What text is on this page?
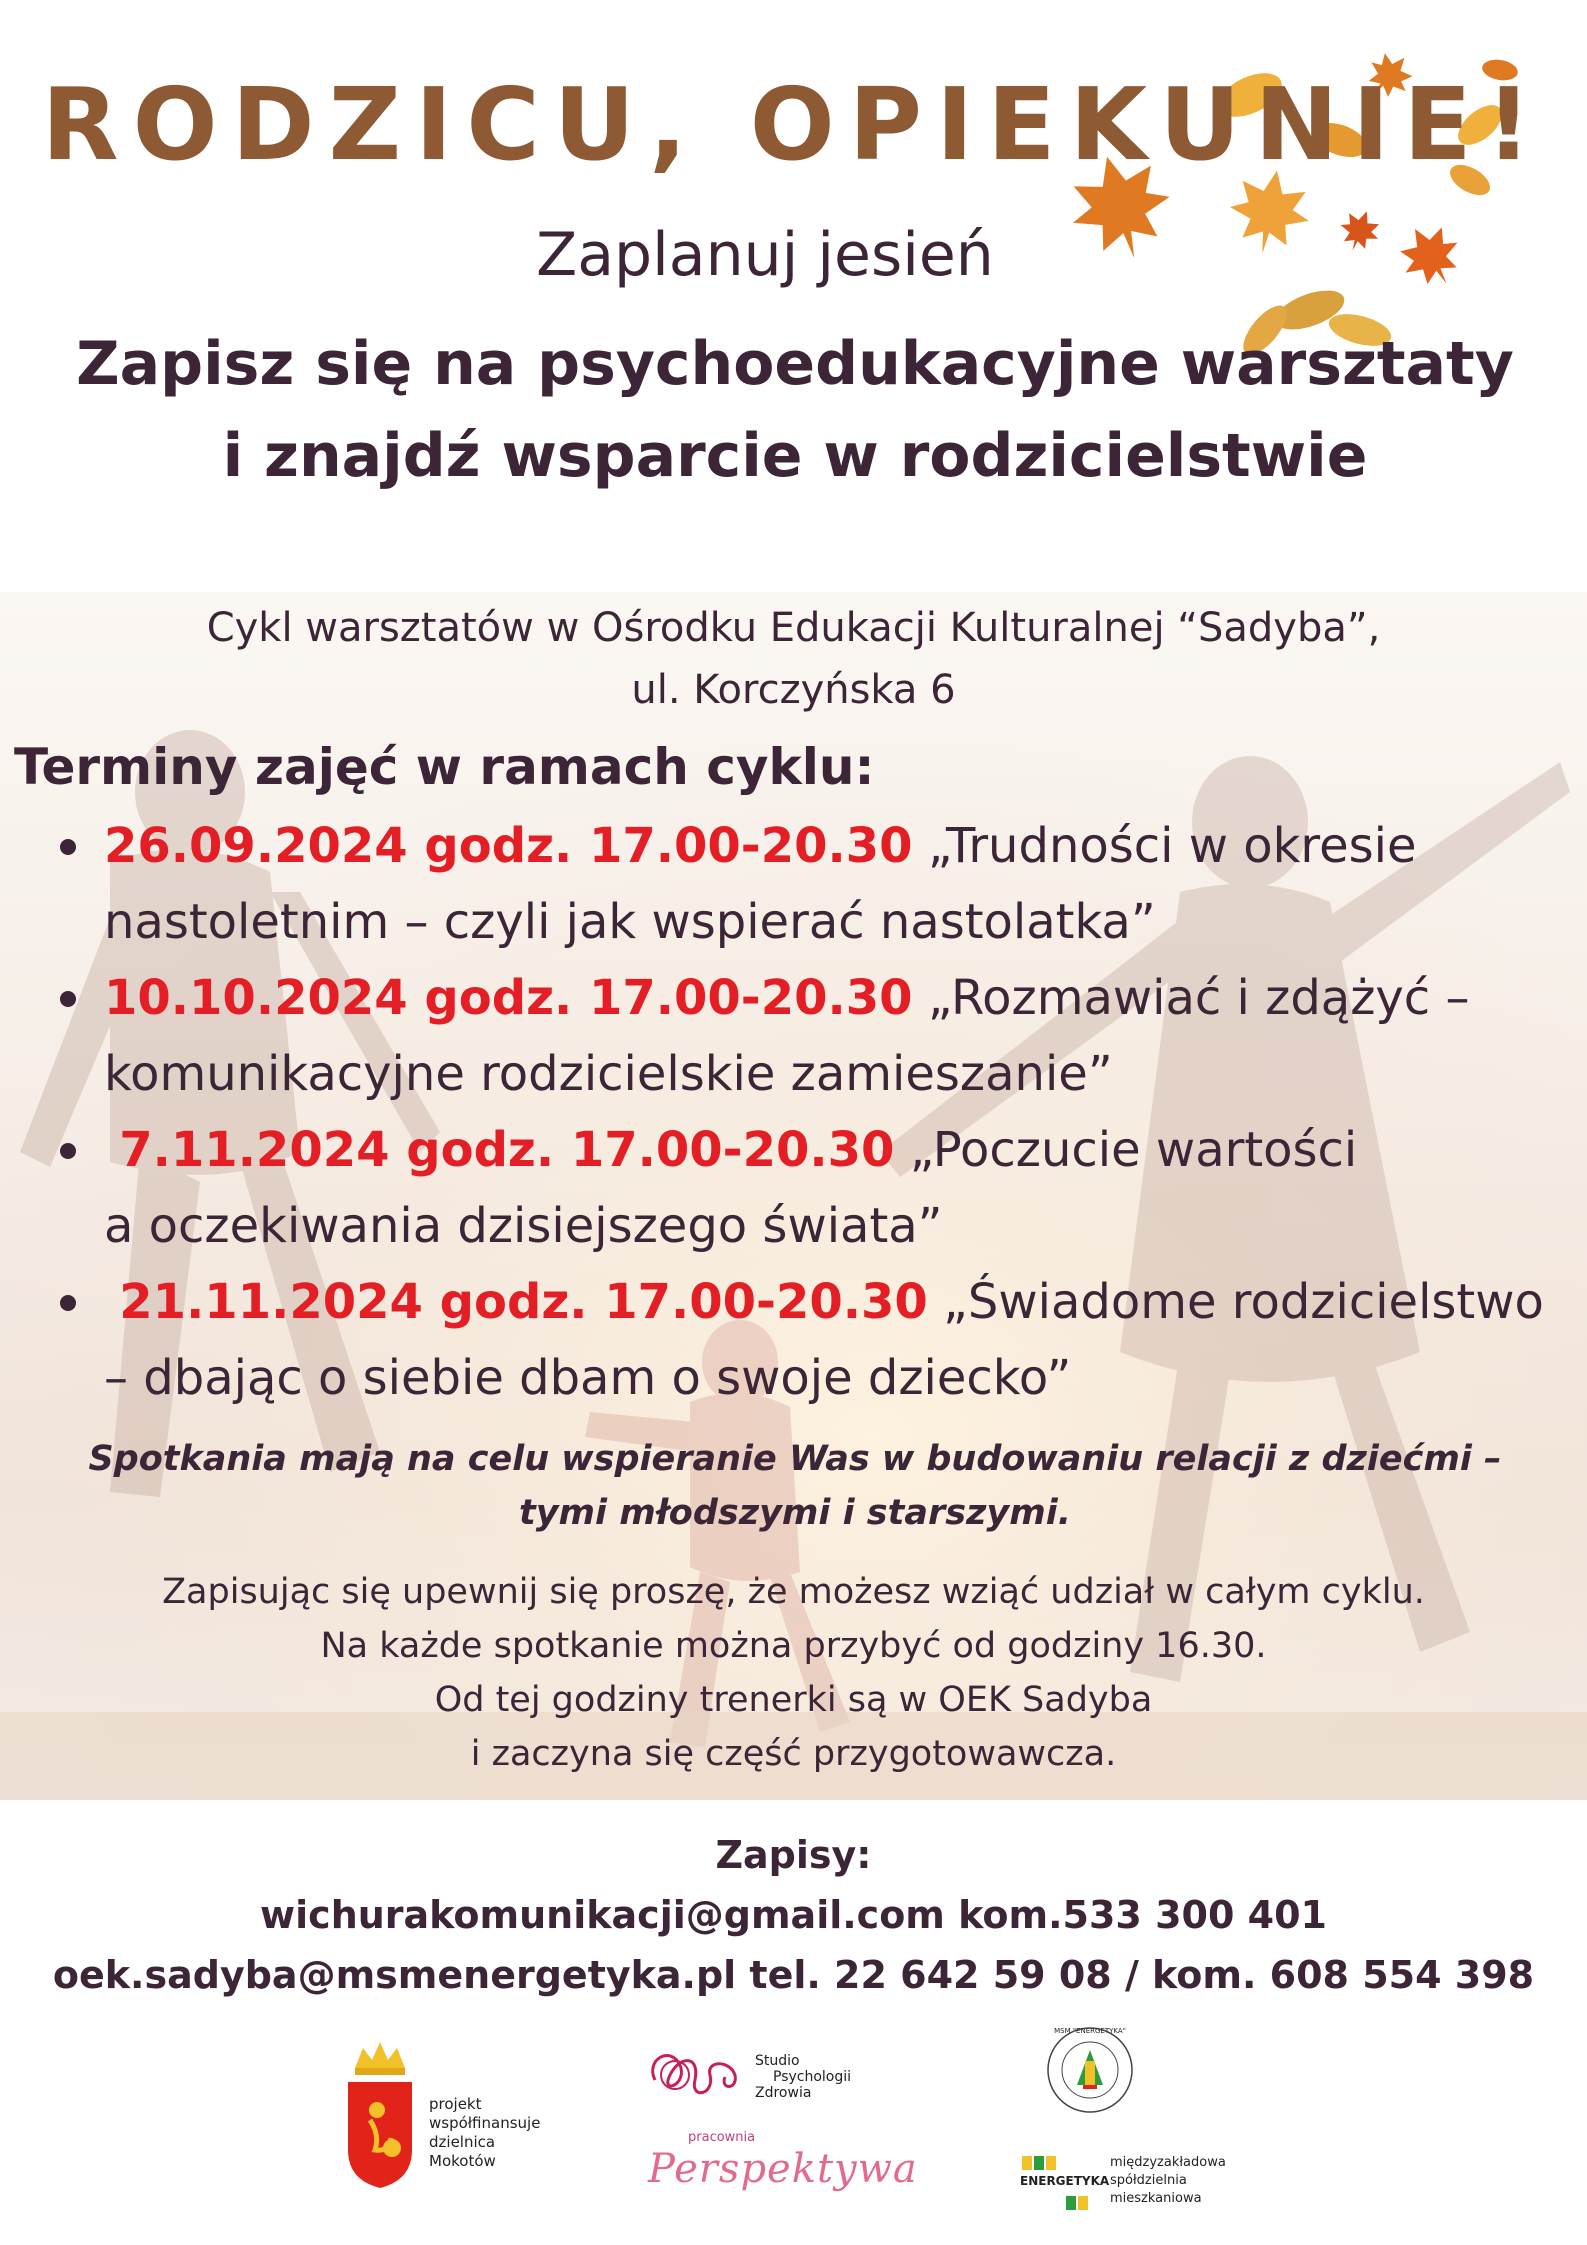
RODZICU, OPIEKUNIE!
Zaplanuj jesień
Zapisz się na psychoedukacyjne warsztaty
i znajdź wsparcie w rodzicielstwie
Cykl warsztatów w Ośrodku Edukacji Kulturalnej “Sadyba”,
ul. Korczyńska 6
Terminy zajęć w ramach cyklu:
26.09.2024 godz. 17.00-20.30 „Trudności w okresie
nastoletnim – czyli jak wspierać nastolatka”
10.10.2024 godz. 17.00-20.30 „Rozmawiać i zdążyć –
komunikacyjne rodzicielskie zamieszanie”
7.11.2024 godz. 17.00-20.30 „Poczucie wartości
a oczekiwania dzisiejszego świata”
21.11.2024 godz. 17.00-20.30 „Świadome rodzicielstwo
– dbając o siebie dbam o swoje dziecko”
Spotkania mają na celu wspieranie Was w budowaniu relacji z dziećmi –
tymi młodszymi i starszymi.
Zapisując się upewnij się proszę, że możesz wziąć udział w całym cyklu.
Na każde spotkanie można przybyć od godziny 16.30.
Od tej godziny trenerki są w OEK Sadyba
i zaczyna się część przygotowawcza.
Zapisy:
wichurakomunikacji@gmail.com kom.533 300 401
oek.sadyba@msmenergetyka.pl tel. 22 642 59 08 / kom. 608 554 398
projekt
współfinansuje
dzielnica
Mokotów
Studio
Psychologii
Zdrowia
pracownia
Perspektywa
MSM "ENERGETYKA"
ENERGETYKA
międzyzakładowa
spółdzielnia
mieszkaniowa
